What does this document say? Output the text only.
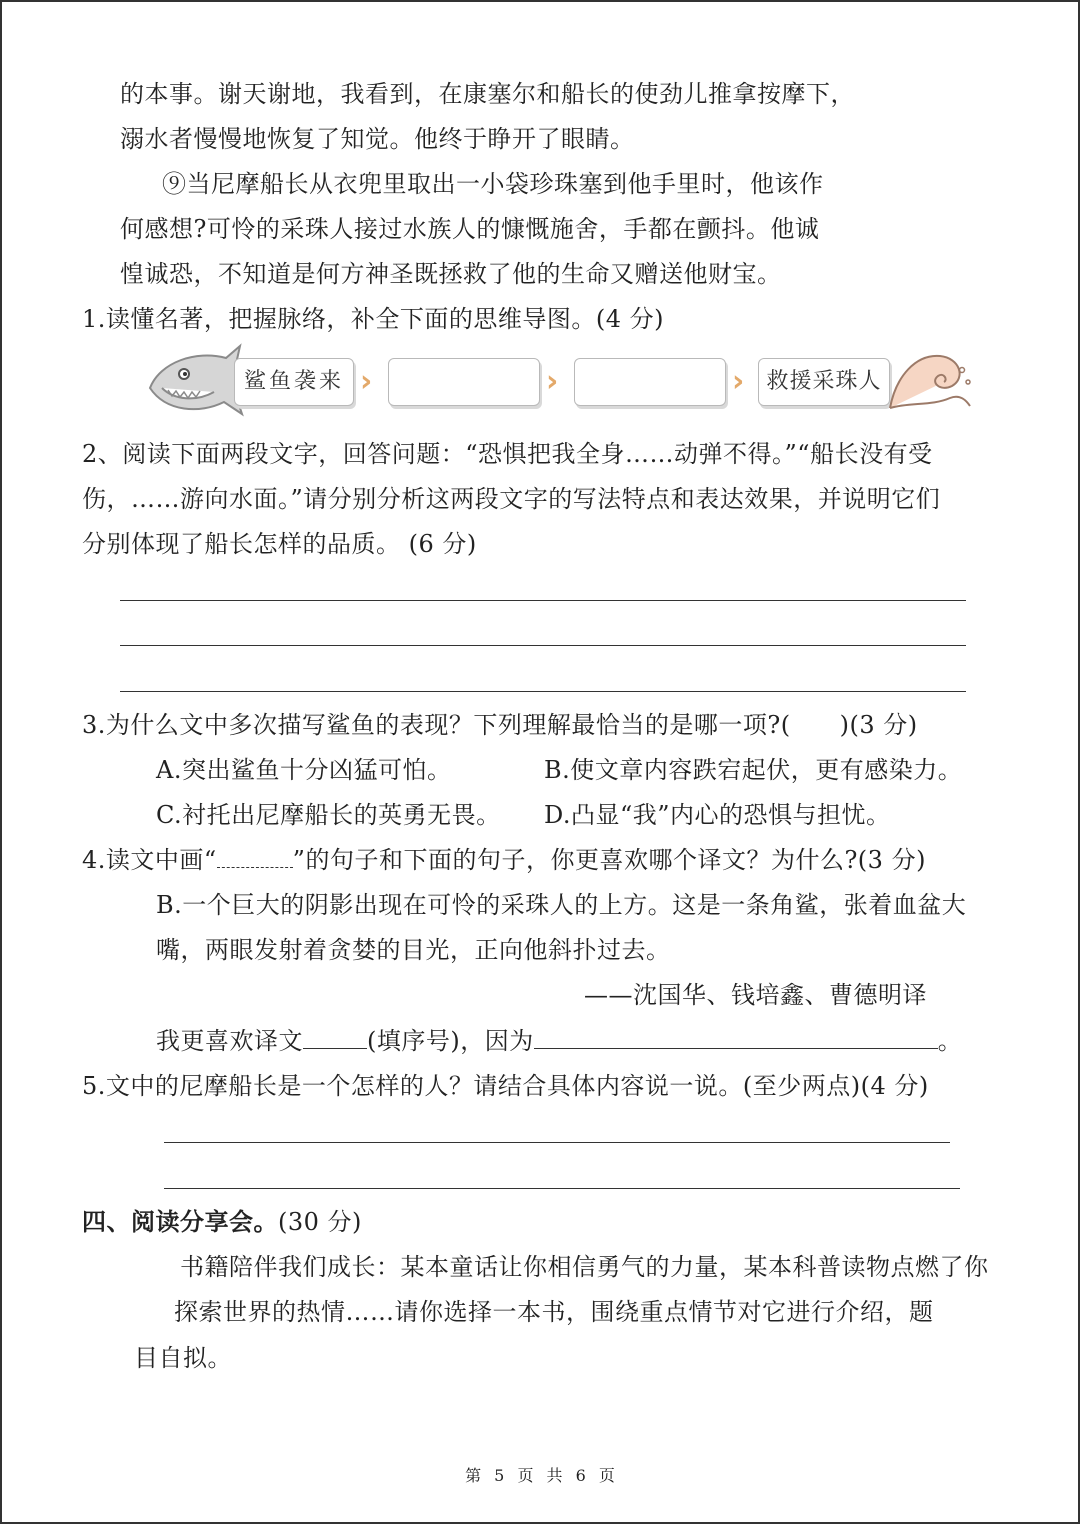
的本事。谢天谢地，我看到，在康塞尔和船长的使劲儿推拿按摩下，
溺水者慢慢地恢复了知觉。他终于睁开了眼睛。
⑨当尼摩船长从衣兜里取出一小袋珍珠塞到他手里时，他该作
何感想?可怜的采珠人接过水族人的慷慨施舍，手都在颤抖。他诚
惶诚恐，不知道是何方神圣既拯救了他的生命又赠送他财宝。
1.读懂名著，把握脉络，补全下面的思维导图。(4 分)
鲨鱼袭来 ›	›	›	救援采珠人
2、阅读下面两段文字，回答问题：“恐惧把我全身……动弹不得。”“船长没有受
伤，……游向水面。”请分别分析这两段文字的写法特点和表达效果，并说明它们
分别体现了船长怎样的品质。 (6 分)
3.为什么文中多次描写鲨鱼的表现？下列理解最恰当的是哪一项?(　　)(3 分)
A.突出鲨鱼十分凶猛可怕。	B.使文章内容跌宕起伏，更有感染力。
C.衬托出尼摩船长的英勇无畏。 D.凸显“我”内心的恐惧与担忧。
4.读文中画“	”的句子和下面的句子，你更喜欢哪个译文？为什么?(3 分)
B.一个巨大的阴影出现在可怜的采珠人的上方。这是一条角鲨，张着血盆大
嘴，两眼发射着贪婪的目光，正向他斜扑过去。
——沈国华、钱培鑫、曹德明译
我更喜欢译文	(填序号)，因为	。
5.文中的尼摩船长是一个怎样的人？请结合具体内容说一说。(至少两点)(4 分)
四、阅读分享会。(30 分)
书籍陪伴我们成长：某本童话让你相信勇气的力量，某本科普读物点燃了你
探索世界的热情……请你选择一本书，围绕重点情节对它进行介绍，题
目自拟。
第 5 页 共 6 页
